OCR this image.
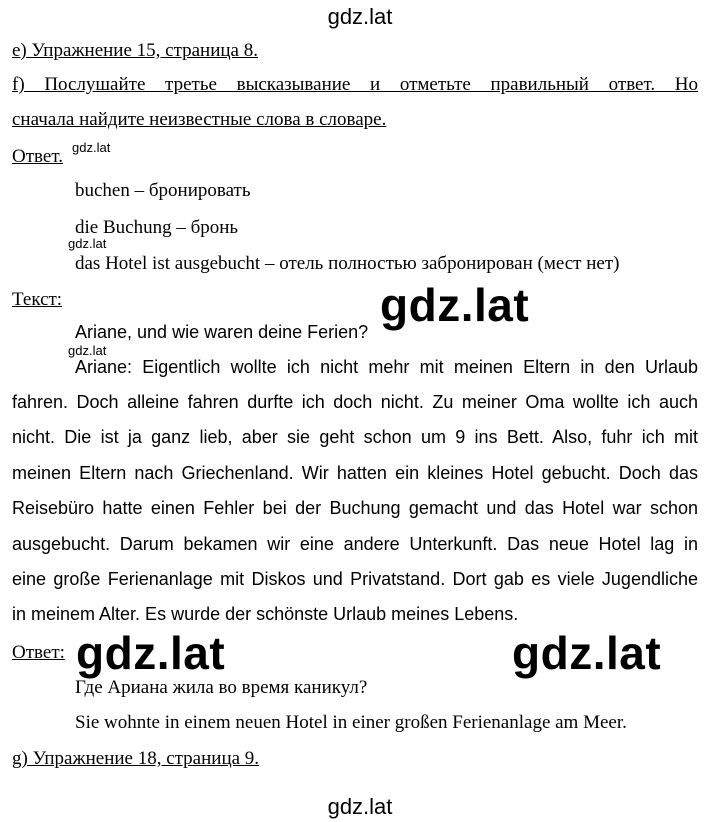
gdz.lat
e) Упражнение 15, страница 8.
f) Послушайте третье высказывание и отметьте правильный ответ. Но
сначала найдите неизвестные слова в словаре.
Ответ. gdz.lat
buchen – бронировать
die Buchung – бронь
gdz.lat
das Hotel ist ausgebucht – отель полностью забронирован (мест нет)
Текст:	gdz.lat
Ariane, und wie waren deine Ferien?
gdz.lat
Ariane: Eigentlich wollte ich nicht mehr mit meinen Eltern in den Urlaub
fahren. Doch alleine fahren durfte ich doch nicht. Zu meiner Oma wollte ich auch
nicht. Die ist ja ganz lieb, aber sie geht schon um 9 ins Bett. Also, fuhr ich mit
meinen Eltern nach Griechenland. Wir hatten ein kleines Hotel gebucht. Doch das
Reisebüro hatte einen Fehler bei der Buchung gemacht und das Hotel war schon
ausgebucht. Darum bekamen wir eine andere Unterkunft. Das neue Hotel lag in
eine große Ferienanlage mit Diskos und Privatstand. Dort gab es viele Jugendliche
in meinem Alter. Es wurde der schönste Urlaub meines Lebens.
Ответ: gdz.lat	gdz.lat
Где Ариана жила во время каникул?
Sie wohnte in einem neuen Hotel in einer großen Ferienanlage am Meer.
g) Упражнение 18, страница 9.
gdz.lat
